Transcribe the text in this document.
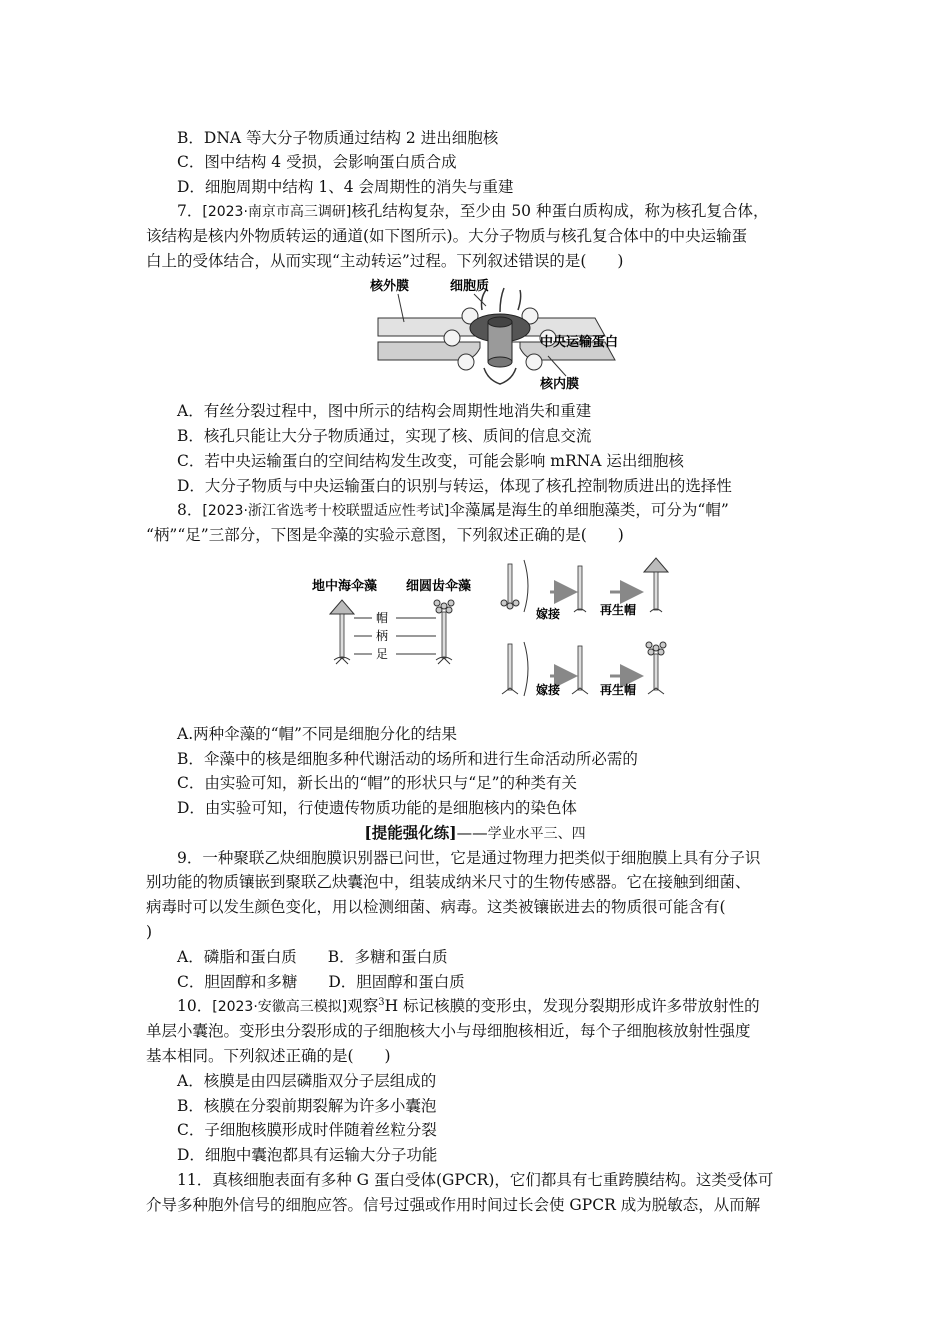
B．DNA 等大分子物质通过结构 2 进出细胞核
C．图中结构 4 受损，会影响蛋白质合成
D．细胞周期中结构 1、4 会周期性的消失与重建
7．[2023·南京市高三调研]核孔结构复杂，至少由 50 种蛋白质构成，称为核孔复合体，
该结构是核内外物质转运的通道(如下图所示)。大分子物质与核孔复合体中的中央运输蛋
白上的受体结合，从而实现“主动转运”过程。下列叙述错误的是(　　)
核外膜	细胞质
中央运输蛋白
核内膜
A．有丝分裂过程中，图中所示的结构会周期性地消失和重建
B．核孔只能让大分子物质通过，实现了核、质间的信息交流
C．若中央运输蛋白的空间结构发生改变，可能会影响 mRNA 运出细胞核
D．大分子物质与中央运输蛋白的识别与转运，体现了核孔控制物质进出的选择性
8．[2023·浙江省选考十校联盟适应性考试]伞藻属是海生的单细胞藻类，可分为“帽”
“柄”“足”三部分，下图是伞藻的实验示意图，下列叙述正确的是(　　)
地中海伞藻 细圆齿伞藻
帽
柄
足
嫁接	再生帽
嫁接	再生帽
A.两种伞藻的“帽”不同是细胞分化的结果
B．伞藻中的核是细胞多种代谢活动的场所和进行生命活动所必需的
C．由实验可知，新长出的“帽”的形状只与“足”的种类有关
D．由实验可知，行使遗传物质功能的是细胞核内的染色体
[提能强化练]——学业水平三、四
9．一种聚联乙炔细胞膜识别器已问世，它是通过物理力把类似于细胞膜上具有分子识
别功能的物质镶嵌到聚联乙炔囊泡中，组装成纳米尺寸的生物传感器。它在接触到细菌、
病毒时可以发生颜色变化，用以检测细菌、病毒。这类被镶嵌进去的物质很可能含有(
)
A．磷脂和蛋白质　　B．多糖和蛋白质
C．胆固醇和多糖　　D．胆固醇和蛋白质
10．[2023·安徽高三模拟]观察$^3$H 标记核膜的变形虫，发现分裂期形成许多带放射性的
单层小囊泡。变形虫分裂形成的子细胞核大小与母细胞核相近，每个子细胞核放射性强度
基本相同。下列叙述正确的是(　　)
A．核膜是由四层磷脂双分子层组成的
B．核膜在分裂前期裂解为许多小囊泡
C．子细胞核膜形成时伴随着丝粒分裂
D．细胞中囊泡都具有运输大分子功能
11．真核细胞表面有多种 G 蛋白受体(GPCR)，它们都具有七重跨膜结构。这类受体可
介导多种胞外信号的细胞应答。信号过强或作用时间过长会使 GPCR 成为脱敏态，从而解
